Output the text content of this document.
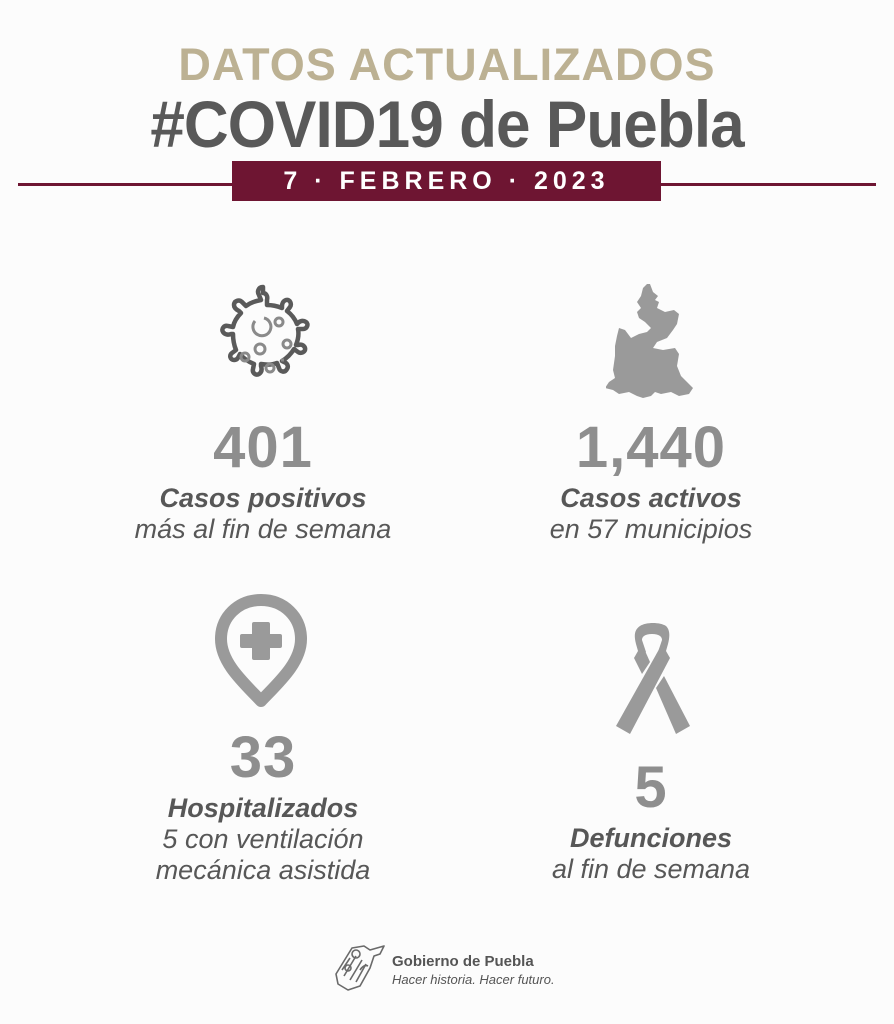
DATOS ACTUALIZADOS
#COVID19 de Puebla
7 · FEBRERO · 2023
401
Casos positivos
más al fin de semana
1,440
Casos activos
en 57 municipios
33
Hospitalizados
5 con ventilación
mecánica asistida
5
Defunciones
al fin de semana
Gobierno de Puebla
Hacer historia. Hacer futuro.
